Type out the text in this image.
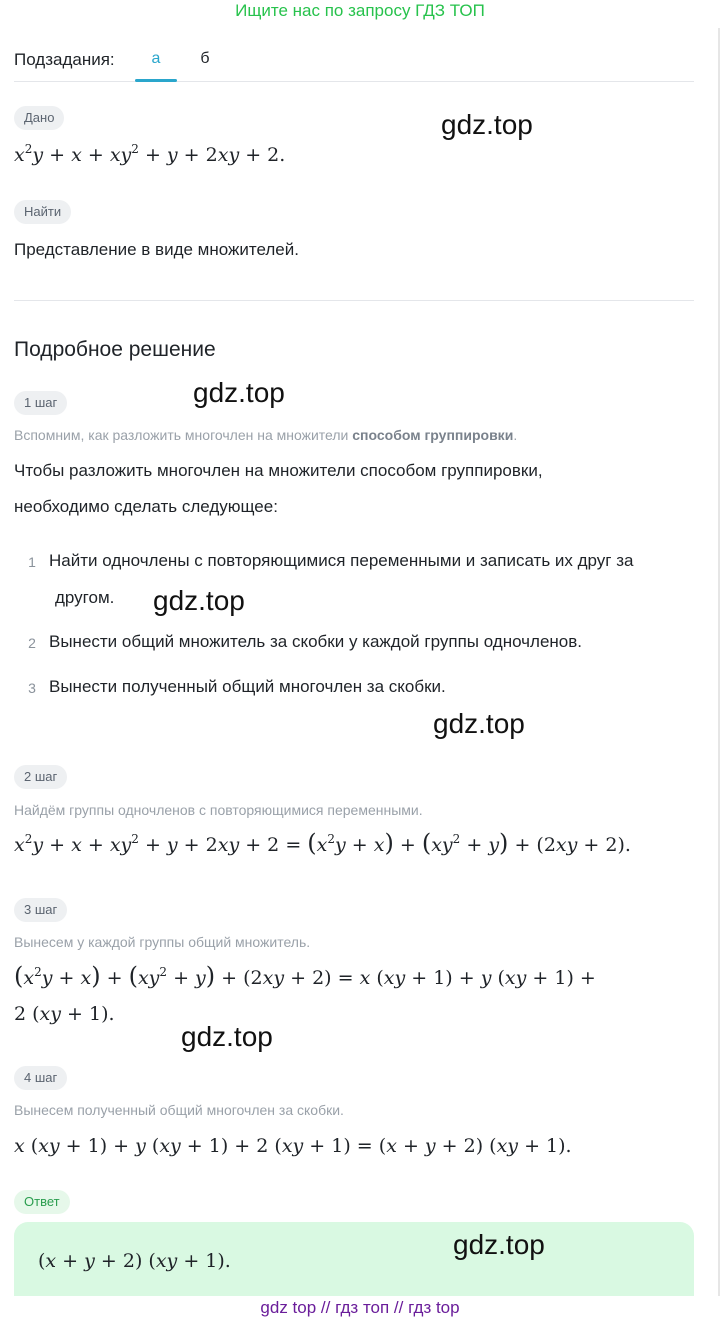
Ищите нас по запросу ГДЗ ТОП
Подзадания:	а	б
Дано
$x^2y + x + xy^2 + y + 2xy + 2$.
Найти
Представление в виде множителей.
Подробное решение
1 шаг
Вспомним, как разложить многочлен на множители способом группировки.
Чтобы разложить многочлен на множители способом группировки,
необходимо сделать следующее:
1 Найти одночлены с повторяющимися переменными и записать их друг за
другом.
2 Вынести общий множитель за скобки у каждой группы одночленов.
3 Вынести полученный общий многочлен за скобки.
2 шаг
Найдём группы одночленов с повторяющимися переменными.
$x^2y + x + xy^2 + y + 2xy + 2 = (x^2y + x) + (xy^2 + y) + (2xy + 2)$.
3 шаг
Вынесем у каждой группы общий множитель.
$(x^2y + x) + (xy^2 + y) + (2xy + 2) = x$ (xy + 1) + y (xy + 1) +
2 (xy + 1).
4 шаг
Вынесем полученный общий многочлен за скобки.
x (xy + 1) + y (xy + 1) + 2 (xy + 1) = (x + y + 2) (xy + 1).
Ответ
(x + y + 2) (xy + 1).
gdz.top
gdz.top
gdz.top
gdz.top
gdz.top
gdz.top
gdz top // гдз топ // гдз top
